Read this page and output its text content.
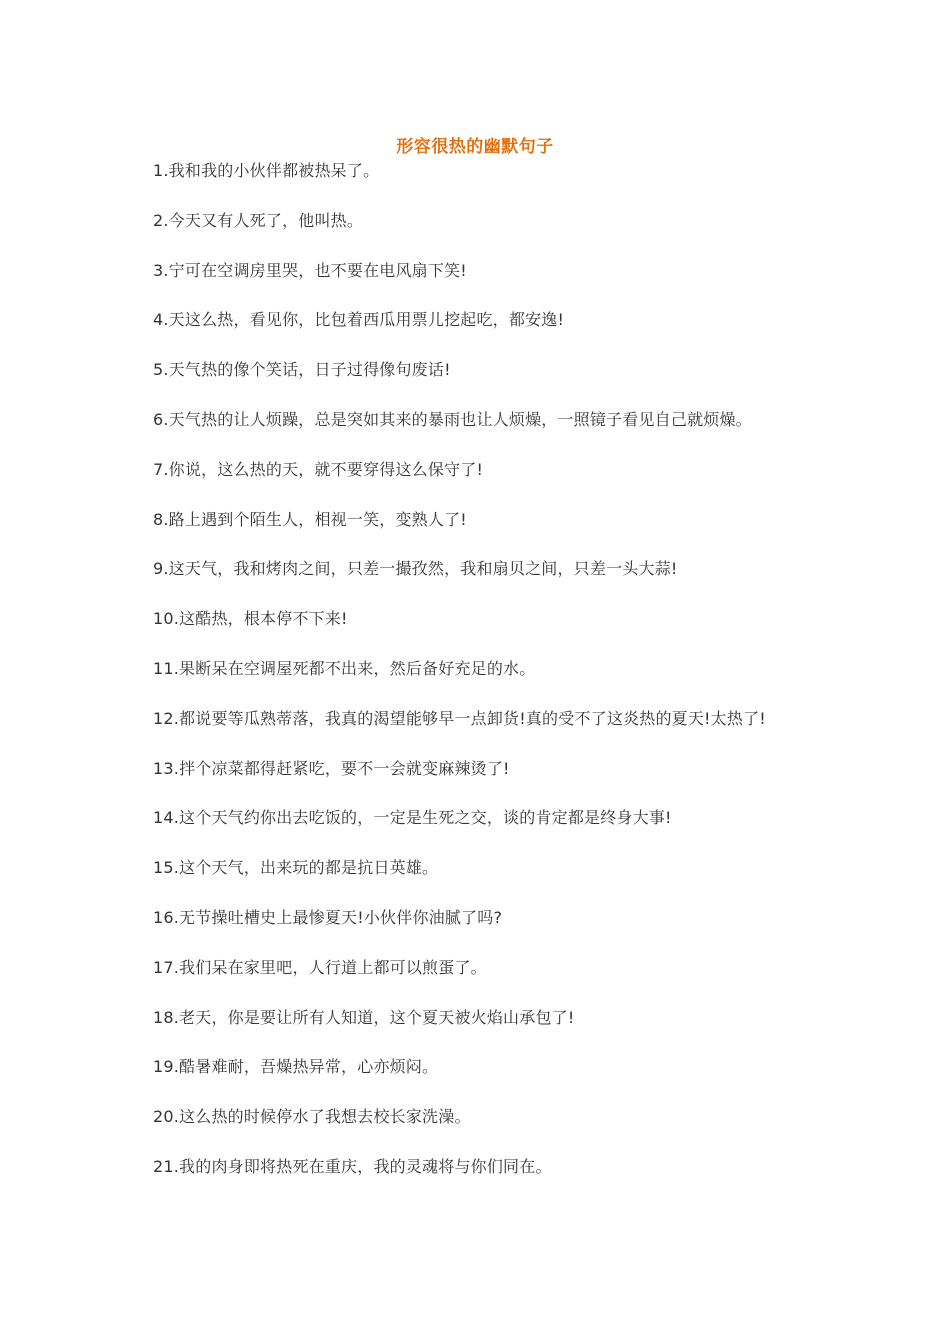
形容很热的幽默句子
1.我和我的小伙伴都被热呆了。
2.今天又有人死了，他叫热。
3.宁可在空调房里哭，也不要在电风扇下笑!
4.天这么热，看见你，比包着西瓜用票儿挖起吃，都安逸!
5.天气热的像个笑话，日子过得像句废话!
6.天气热的让人烦躁，总是突如其来的暴雨也让人烦燥，一照镜子看见自己就烦燥。
7.你说，这么热的天，就不要穿得这么保守了!
8.路上遇到个陌生人，相视一笑，变熟人了!
9.这天气，我和烤肉之间，只差一撮孜然，我和扇贝之间，只差一头大蒜!
10.这酷热，根本停不下来!
11.果断呆在空调屋死都不出来，然后备好充足的水。
12.都说要等瓜熟蒂落，我真的渴望能够早一点卸货!真的受不了这炎热的夏天!太热了!
13.拌个凉菜都得赶紧吃，要不一会就变麻辣烫了!
14.这个天气约你出去吃饭的，一定是生死之交，谈的肯定都是终身大事!
15.这个天气，出来玩的都是抗日英雄。
16.无节操吐槽史上最惨夏天!小伙伴你油腻了吗?
17.我们呆在家里吧，人行道上都可以煎蛋了。
18.老天，你是要让所有人知道，这个夏天被火焰山承包了!
19.酷暑难耐，吾燥热异常，心亦烦闷。
20.这么热的时候停水了我想去校长家洗澡。
21.我的肉身即将热死在重庆，我的灵魂将与你们同在。
